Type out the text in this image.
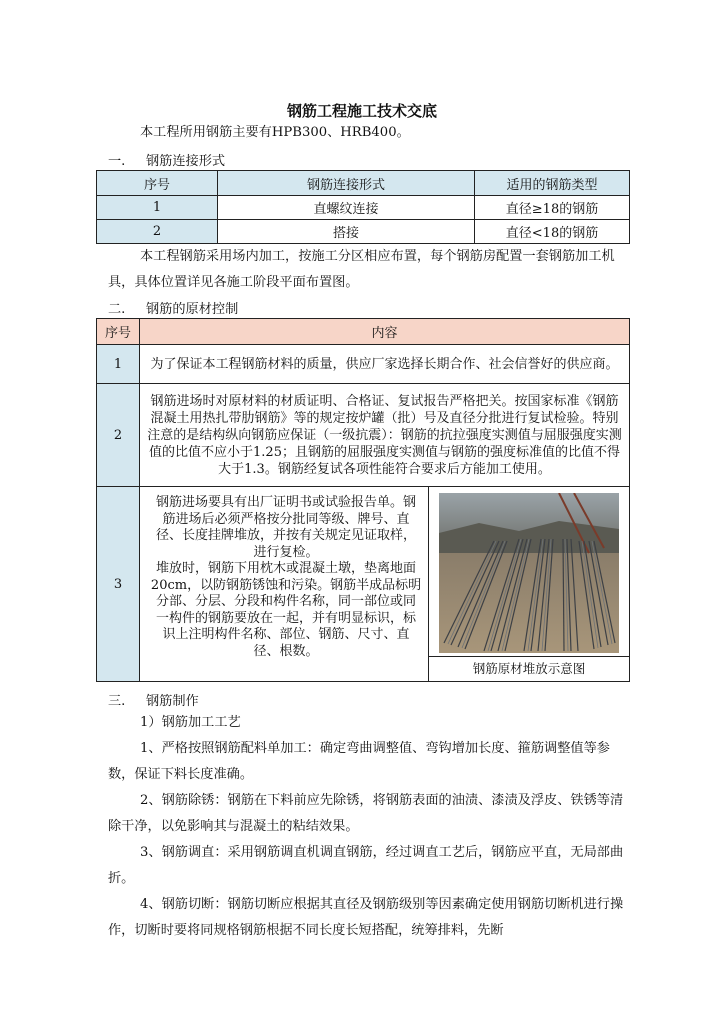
钢筋工程施工技术交底
本工程所用钢筋主要有HPB300、HRB400。
一. 钢筋连接形式
序号	钢筋连接形式	适用的钢筋类型
1	直螺纹连接	直径≥18的钢筋
2	搭接	直径<18的钢筋
本工程钢筋采用场内加工，按施工分区相应布置，每个钢筋房配置一套钢筋加工机具，具体位置详见各施工阶段平面布置图。
二. 钢筋的原材控制
序号	内容
1	为了保证本工程钢筋材料的质量，供应厂家选择长期合作、社会信誉好的供应商。
2	钢筋进场时对原材料的材质证明、合格证、复试报告严格把关。按国家标准《钢筋混凝土用热扎带肋钢筋》等的规定按炉罐（批）号及直径分批进行复试检验。特别注意的是结构纵向钢筋应保证（一级抗震）：钢筋的抗拉强度实测值与屈服强度实测值的比值不应小于1.25；且钢筋的屈服强度实测值与钢筋的强度标准值的比值不得大于1.3。钢筋经复试各项性能符合要求后方能加工使用。
3	钢筋进场要具有出厂证明书或试验报告单。钢筋进场后必须严格按分批同等级、牌号、直径、长度挂牌堆放，并按有关规定见证取样，进行复检。
堆放时，钢筋下用枕木或混凝土墩，垫离地面20cm，以防钢筋锈蚀和污染。钢筋半成品标明分部、分层、分段和构件名称，同一部位或同一构件的钢筋要放在一起，并有明显标识，标识上注明构件名称、部位、钢筋、尺寸、直径、根数。
钢筋原材堆放示意图
三. 钢筋制作
1）钢筋加工工艺
1、严格按照钢筋配料单加工：确定弯曲调整值、弯钩增加长度、箍筋调整值等参数，保证下料长度准确。
2、钢筋除锈：钢筋在下料前应先除锈，将钢筋表面的油渍、漆渍及浮皮、铁锈等清除干净，以免影响其与混凝土的粘结效果。
3、钢筋调直：采用钢筋调直机调直钢筋，经过调直工艺后，钢筋应平直，无局部曲折。
4、钢筋切断：钢筋切断应根据其直径及钢筋级别等因素确定使用钢筋切断机进行操作，切断时要将同规格钢筋根据不同长度长短搭配，统筹排料，先断
